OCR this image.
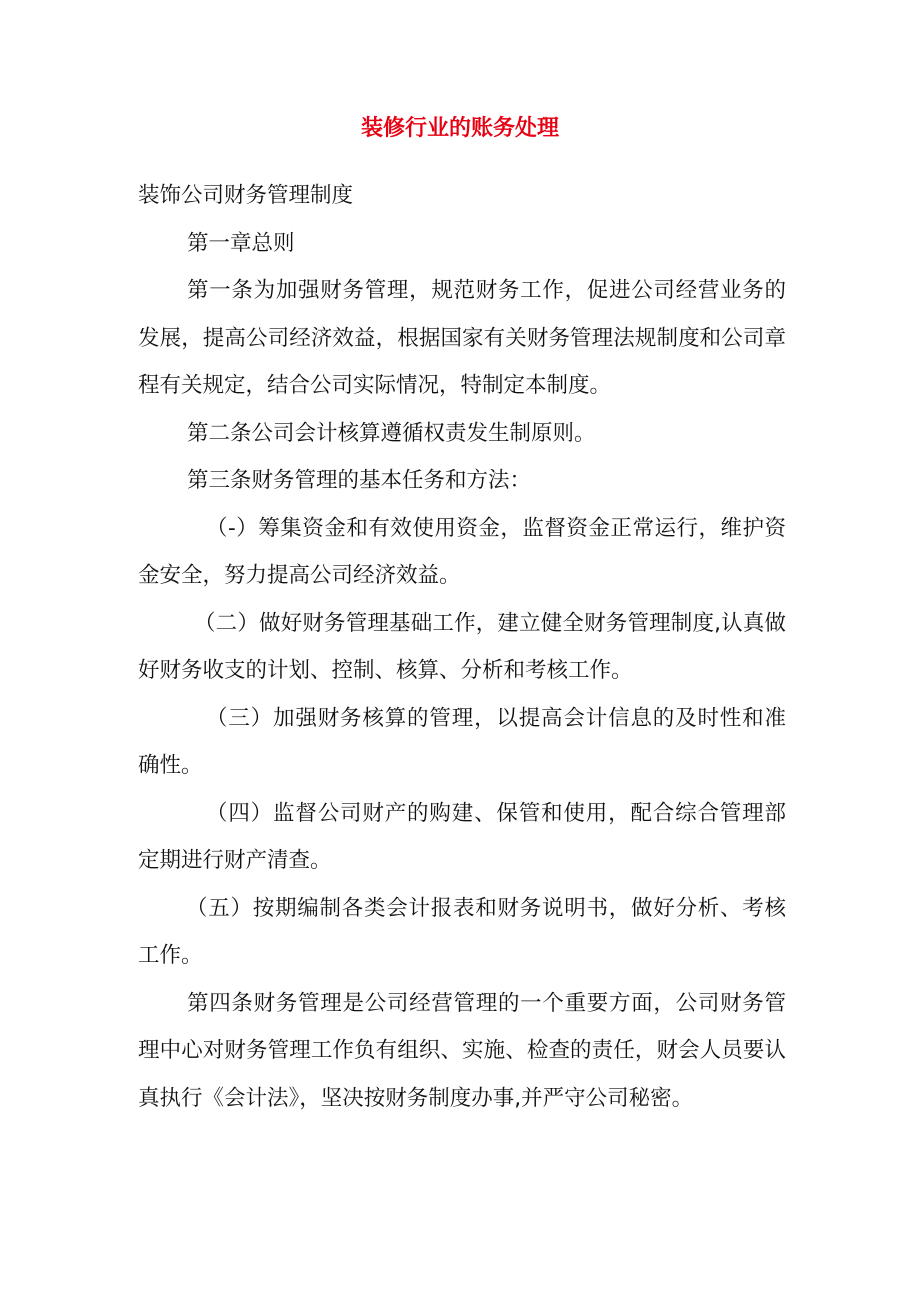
装修行业的账务处理

装饰公司财务管理制度

第一章总则

第一条为加强财务管理，规范财务工作，促进公司经营业务的发展，提高公司经济效益，根据国家有关财务管理法规制度和公司章程有关规定，结合公司实际情况，特制定本制度。

第二条公司会计核算遵循权责发生制原则。

第三条财务管理的基本任务和方法：

（-）筹集资金和有效使用资金，监督资金正常运行，维护资金安全，努力提高公司经济效益。

（二）做好财务管理基础工作，建立健全财务管理制度,认真做好财务收支的计划、控制、核算、分析和考核工作。

（三）加强财务核算的管理，以提高会计信息的及时性和准确性。

（四）监督公司财产的购建、保管和使用，配合综合管理部定期进行财产清查。

（五）按期编制各类会计报表和财务说明书，做好分析、考核工作。

第四条财务管理是公司经营管理的一个重要方面，公司财务管理中心对财务管理工作负有组织、实施、检查的责任，财会人员要认真执行《会计法》，坚决按财务制度办事,并严守公司秘密。
